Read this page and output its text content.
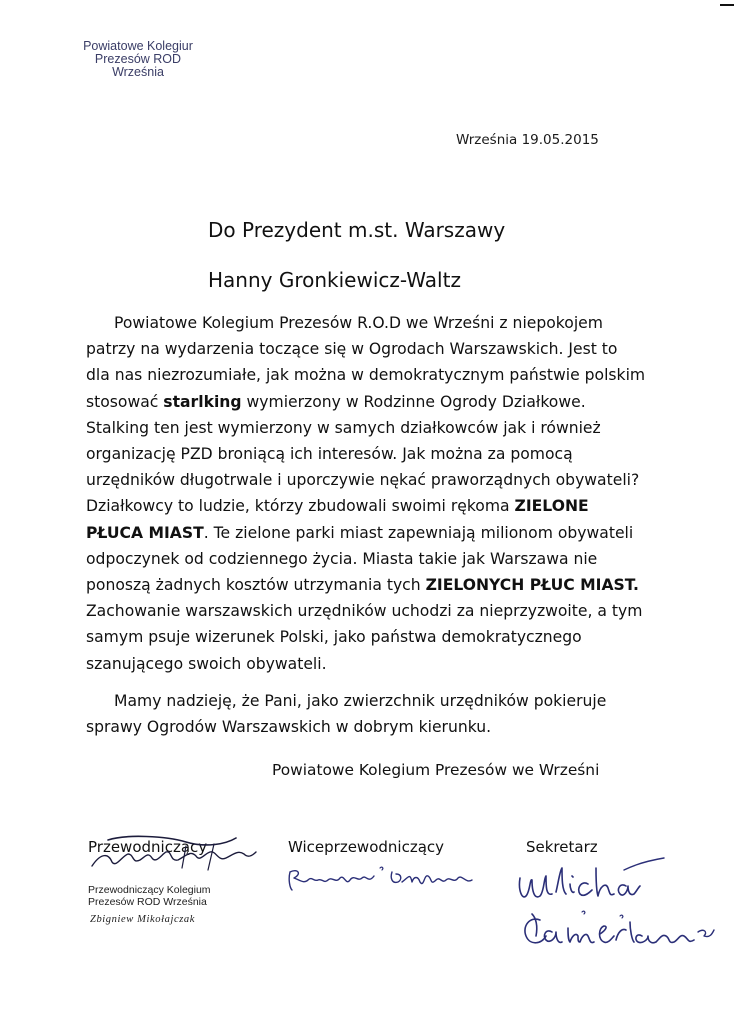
Powiatowe Kolegiur
Prezesów ROD
Września
Września 19.05.2015
Do Prezydent m.st. Warszawy
Hanny Gronkiewicz-Waltz

Powiatowe Kolegium Prezesów R.O.D we Wrześni z niepokojem patrzy na wydarzenia toczące się w Ogrodach Warszawskich. Jest to dla nas niezrozumiałe, jak można w demokratycznym państwie polskim stosować starlking wymierzony w Rodzinne Ogrody Działkowe. Stalking ten jest wymierzony w samych działkowców jak i również organizację PZD broniącą ich interesów. Jak można za pomocą urzędników długotrwale i uporczywie nękać praworządnych obywateli? Działkowcy to ludzie, którzy zbudowali swoimi rękoma ZIELONE PŁUCA MIAST. Te zielone parki miast zapewniają milionom obywateli odpoczynek od codziennego życia. Miasta takie jak Warszawa nie ponoszą żadnych kosztów utrzymania tych ZIELONYCH PŁUC MIAST. Zachowanie warszawskich urzędników uchodzi za nieprzyzwoite, a tym samym psuje wizerunek Polski, jako państwa demokratycznego szanującego swoich obywateli.

Mamy nadzieję, że Pani, jako zwierzchnik urzędników pokieruje sprawy Ogrodów Warszawskich w dobrym kierunku.

Powiatowe Kolegium Prezesów we Wrześni
Przewodniczący	Wiceprzewodniczący	Sekretarz
Przewodniczący Kolegium
Prezesów ROD Września
Zbigniew Mikołajczak
